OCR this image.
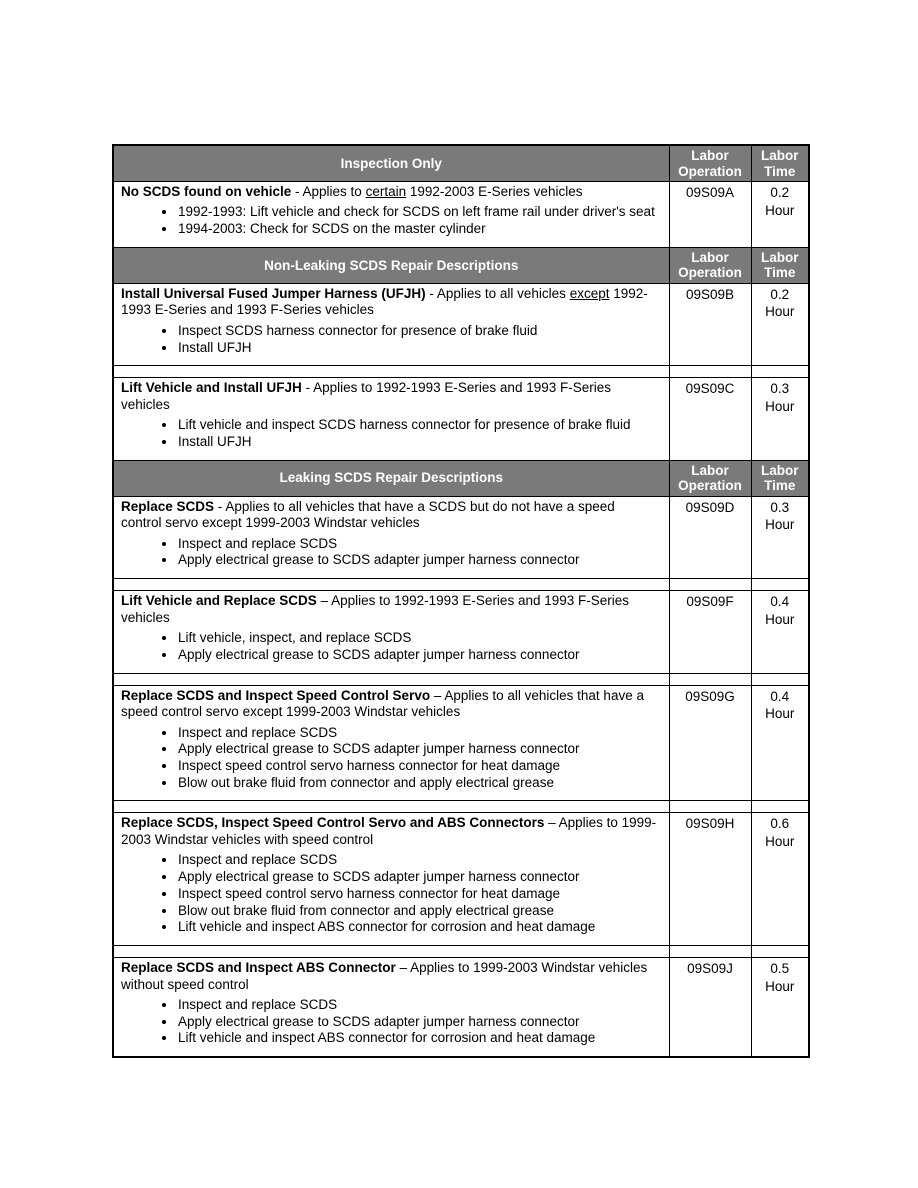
Inspection Only	Labor Operation	Labor Time

No SCDS found on vehicle - Applies to certain 1992-2003 E-Series vehicles

• 1992-1993: Lift vehicle and check for SCDS on left frame rail under driver's seat
• 1994-2003: Check for SCDS on the master cylinder
	09S09A	0.2
Hour

Non-Leaking SCDS Repair Descriptions	Labor Operation	Labor Time

Install Universal Fused Jumper Harness (UFJH) - Applies to all vehicles except 1992-1993 E-Series and 1993 F-Series vehicles

• Inspect SCDS harness connector for presence of brake fluid
• Install UFJH
	09S09B	0.2
Hour

Lift Vehicle and Install UFJH - Applies to 1992-1993 E-Series and 1993 F-Series vehicles

• Lift vehicle and inspect SCDS harness connector for presence of brake fluid
• Install UFJH
	09S09C	0.3
Hour

Leaking SCDS Repair Descriptions	Labor Operation	Labor Time

Replace SCDS - Applies to all vehicles that have a SCDS but do not have a speed control servo except 1999-2003 Windstar vehicles

• Inspect and replace SCDS
• Apply electrical grease to SCDS adapter jumper harness connector
	09S09D	0.3
Hour

Lift Vehicle and Replace SCDS – Applies to 1992-1993 E-Series and 1993 F-Series vehicles

• Lift vehicle, inspect, and replace SCDS
• Apply electrical grease to SCDS adapter jumper harness connector
	09S09F	0.4
Hour

Replace SCDS and Inspect Speed Control Servo – Applies to all vehicles that have a speed control servo except 1999-2003 Windstar vehicles

• Inspect and replace SCDS
• Apply electrical grease to SCDS adapter jumper harness connector
• Inspect speed control servo harness connector for heat damage
• Blow out brake fluid from connector and apply electrical grease
	09S09G	0.4
Hour

Replace SCDS, Inspect Speed Control Servo and ABS Connectors – Applies to 1999-2003 Windstar vehicles with speed control

• Inspect and replace SCDS
• Apply electrical grease to SCDS adapter jumper harness connector
• Inspect speed control servo harness connector for heat damage
• Blow out brake fluid from connector and apply electrical grease
• Lift vehicle and inspect ABS connector for corrosion and heat damage
	09S09H	0.6
Hour

Replace SCDS and Inspect ABS Connector – Applies to 1999-2003 Windstar vehicles without speed control

• Inspect and replace SCDS
• Apply electrical grease to SCDS adapter jumper harness connector
• Lift vehicle and inspect ABS connector for corrosion and heat damage
	09S09J	0.5
Hour
